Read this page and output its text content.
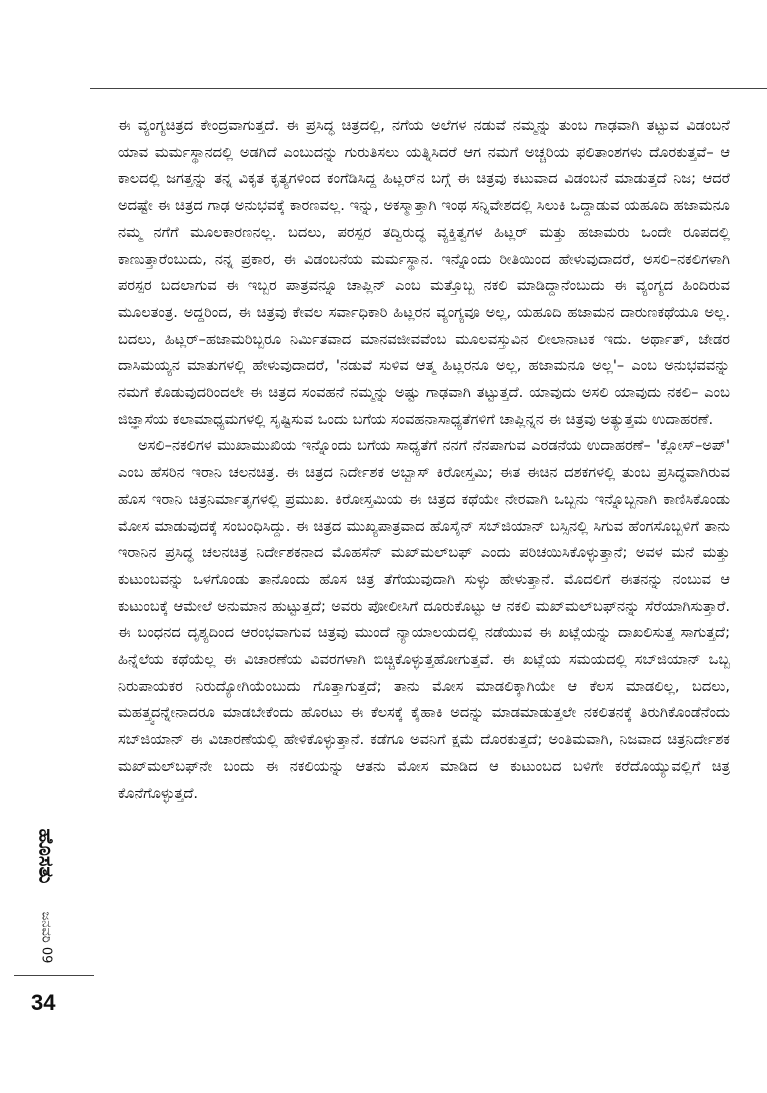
ಈ ವ್ಯಂಗ್ಯಚಿತ್ರದ ಕೇಂದ್ರವಾಗುತ್ತದೆ. ಈ ಪ್ರಸಿದ್ಧ ಚಿತ್ರದಲ್ಲಿ, ನಗೆಯ ಅಲೆಗಳ ನಡುವೆ ನಮ್ಮನ್ನು ತುಂಬ ಗಾಢವಾಗಿ ತಟ್ಟುವ ವಿಡಂಬನೆ ಯಾವ ಮರ್ಮಸ್ಥಾನದಲ್ಲಿ ಅಡಗಿದೆ ಎಂಬುದನ್ನು ಗುರುತಿಸಲು ಯತ್ನಿಸಿದರೆ ಆಗ ನಮಗೆ ಅಚ್ಚರಿಯ ಫಲಿತಾಂಶಗಳು ದೊರಕುತ್ತವೆ– ಆ ಕಾಲದಲ್ಲಿ ಜಗತ್ತನ್ನು ತನ್ನ ವಿಕೃತ ಕೃತ್ಯಗಳಿಂದ ಕಂಗೆಡಿಸಿದ್ದ ಹಿಟ್ಲರ್‌ನ ಬಗ್ಗೆ ಈ ಚಿತ್ರವು ಕಟುವಾದ ವಿಡಂಬನೆ ಮಾಡುತ್ತದೆ ನಿಜ; ಆದರೆ ಅದಷ್ಟೇ ಈ ಚಿತ್ರದ ಗಾಢ ಅನುಭವಕ್ಕೆ ಕಾರಣವಲ್ಲ. ಇನ್ನು, ಅಕಸ್ಮಾತ್ತಾಗಿ ಇಂಥ ಸನ್ನಿವೇಶದಲ್ಲಿ ಸಿಲುಕಿ ಒದ್ದಾಡುವ ಯಹೂದಿ ಹಜಾಮನೂ ನಮ್ಮ ನಗೆಗೆ ಮೂಲಕಾರಣನಲ್ಲ. ಬದಲು, ಪರಸ್ಪರ ತದ್ವಿರುದ್ಧ ವ್ಯಕ್ತಿತ್ವಗಳ ಹಿಟ್ಲರ್ ಮತ್ತು ಹಜಾಮರು ಒಂದೇ ರೂಪದಲ್ಲಿ ಕಾಣುತ್ತಾರೆಂಬುದು, ನನ್ನ ಪ್ರಕಾರ, ಈ ವಿಡಂಬನೆಯ ಮರ್ಮಸ್ಥಾನ. ಇನ್ನೊಂದು ರೀತಿಯಿಂದ ಹೇಳುವುದಾದರೆ, ಅಸಲಿ–ನಕಲಿಗಳಾಗಿ ಪರಸ್ಪರ ಬದಲಾಗುವ ಈ ಇಬ್ಬರ ಪಾತ್ರವನ್ನೂ ಚಾಪ್ಲಿನ್ ಎಂಬ ಮತ್ತೊಬ್ಬ ನಕಲಿ ಮಾಡಿದ್ದಾನೆಂಬುದು ಈ ವ್ಯಂಗ್ಯದ ಹಿಂದಿರುವ ಮೂಲತಂತ್ರ. ಅದ್ದರಿಂದ, ಈ ಚಿತ್ರವು ಕೇವಲ ಸರ್ವಾಧಿಕಾರಿ ಹಿಟ್ಲರನ ವ್ಯಂಗ್ಯವೂ ಅಲ್ಲ, ಯಹೂದಿ ಹಜಾಮನ ದಾರುಣಕಥೆಯೂ ಅಲ್ಲ. ಬದಲು, ಹಿಟ್ಲರ್–ಹಜಾಮರಿಬ್ಬರೂ ನಿರ್ಮಿತವಾದ ಮಾನವಜೀವವೆಂಬ ಮೂಲವಸ್ತುವಿನ ಲೀಲಾನಾಟಕ ಇದು. ಅರ್ಥಾತ್, ಜೇಡರ ದಾಸಿಮಯ್ಯನ ಮಾತುಗಳಲ್ಲಿ ಹೇಳುವುದಾದರೆ, 'ನಡುವೆ ಸುಳಿವ ಆತ್ಮ ಹಿಟ್ಲರನೂ ಅಲ್ಲ, ಹಜಾಮನೂ ಅಲ್ಲ'– ಎಂಬ ಅನುಭವವನ್ನು ನಮಗೆ ಕೊಡುವುದರಿಂದಲೇ ಈ ಚಿತ್ರದ ಸಂವಹನೆ ನಮ್ಮನ್ನು ಅಷ್ಟು ಗಾಢವಾಗಿ ತಟ್ಟುತ್ತದೆ. ಯಾವುದು ಅಸಲಿ ಯಾವುದು ನಕಲಿ– ಎಂಬ ಜಿಜ್ಞಾಸೆಯ ಕಲಾಮಾಧ್ಯಮಗಳಲ್ಲಿ ಸೃಷ್ಟಿಸುವ ಒಂದು ಬಗೆಯ ಸಂವಹನಾಸಾಧ್ಯತೆಗಳಿಗೆ ಚಾಪ್ಲಿನ್ನನ ಈ ಚಿತ್ರವು ಅತ್ಯುತ್ತಮ ಉದಾಹರಣೆ.

ಅಸಲಿ–ನಕಲಿಗಳ ಮುಖಾಮುಖಿಯ ಇನ್ನೊಂದು ಬಗೆಯ ಸಾಧ್ಯತೆಗೆ ನನಗೆ ನೆನಪಾಗುವ ಎರಡನೆಯ ಉದಾಹರಣೆ– 'ಕ್ಲೋಸ್–ಅಪ್' ಎಂಬ ಹೆಸರಿನ ಇರಾನಿ ಚಲನಚಿತ್ರ. ಈ ಚಿತ್ರದ ನಿರ್ದೇಶಕ ಅಬ್ಬಾಸ್ ಕಿರೋಸ್ತಮಿ; ಈತ ಈಚಿನ ದಶಕಗಳಲ್ಲಿ ತುಂಬ ಪ್ರಸಿದ್ಧವಾಗಿರುವ ಹೊಸ ಇರಾನಿ ಚಿತ್ರನಿರ್ಮಾತೃಗಳಲ್ಲಿ ಪ್ರಮುಖ. ಕಿರೋಸ್ತಮಿಯ ಈ ಚಿತ್ರದ ಕಥೆಯೇ ನೇರವಾಗಿ ಒಬ್ಬನು ಇನ್ನೊಬ್ಬನಾಗಿ ಕಾಣಿಸಿಕೊಂಡು ಮೋಸ ಮಾಡುವುದಕ್ಕೆ ಸಂಬಂಧಿಸಿದ್ದು. ಈ ಚಿತ್ರದ ಮುಖ್ಯಪಾತ್ರವಾದ ಹೊಸೈನ್ ಸಬ್‌ಜಿಯಾನ್ ಬಸ್ಸಿನಲ್ಲಿ ಸಿಗುವ ಹೆಂಗಸೊಬ್ಬಳಿಗೆ ತಾನು ಇರಾನಿನ ಪ್ರಸಿದ್ಧ ಚಲನಚಿತ್ರ ನಿರ್ದೇಶಕನಾದ ಮೊಹಸೆನ್ ಮಖ್‌ಮಲ್‌ಬಫ್ ಎಂದು ಪರಿಚಯಿಸಿಕೊಳ್ಳುತ್ತಾನೆ; ಅವಳ ಮನೆ ಮತ್ತು ಕುಟುಂಬವನ್ನು ಒಳಗೊಂಡು ತಾನೊಂದು ಹೊಸ ಚಿತ್ರ ತೆಗೆಯುವುದಾಗಿ ಸುಳ್ಳು ಹೇಳುತ್ತಾನೆ. ಮೊದಲಿಗೆ ಈತನನ್ನು ನಂಬುವ ಆ ಕುಟುಂಬಕ್ಕೆ ಆಮೇಲೆ ಅನುಮಾನ ಹುಟ್ಟುತ್ತದೆ; ಅವರು ಪೋಲೀಸಿಗೆ ದೂರುಕೊಟ್ಟು ಆ ನಕಲಿ ಮಖ್‌ಮಲ್‌ಬಫ್‌ನನ್ನು ಸೆರೆಯಾಗಿಸುತ್ತಾರೆ. ಈ ಬಂಧನದ ದೃಶ್ಯದಿಂದ ಆರಂಭವಾಗುವ ಚಿತ್ರವು ಮುಂದೆ ನ್ಯಾಯಾಲಯದಲ್ಲಿ ನಡೆಯುವ ಈ ಖಟ್ಲೆಯನ್ನು ದಾಖಲಿಸುತ್ತ ಸಾಗುತ್ತದೆ; ಹಿನ್ನೆಲೆಯ ಕಥೆಯೆಲ್ಲ ಈ ವಿಚಾರಣೆಯ ವಿವರಗಳಾಗಿ ಬಿಚ್ಚಿಕೊಳ್ಳುತ್ತಹೋಗುತ್ತವೆ. ಈ ಖಟ್ಲೆಯ ಸಮಯದಲ್ಲಿ ಸಬ್‌ಜಿಯಾನ್ ಒಬ್ಬ ನಿರುಪಾಯಕರ ನಿರುದ್ಯೋಗಿಯೆಂಬುದು ಗೊತ್ತಾಗುತ್ತದೆ; ತಾನು ಮೋಸ ಮಾಡಲಿಕ್ಕಾಗಿಯೇ ಆ ಕೆಲಸ ಮಾಡಲಿಲ್ಲ, ಬದಲು, ಮಹತ್ತ್ವದನ್ನೇನಾದರೂ ಮಾಡಬೇಕೆಂದು ಹೊರಟು ಈ ಕೆಲಸಕ್ಕೆ ಕೈಹಾಕಿ ಅದನ್ನು ಮಾಡಮಾಡುತ್ತಲೇ ನಕಲಿತನಕ್ಕೆ ತಿರುಗಿಕೊಂಡೆನೆಂದು ಸಬ್‌ಜಿಯಾನ್ ಈ ವಿಚಾರಣೆಯಲ್ಲಿ ಹೇಳಿಕೊಳ್ಳುತ್ತಾನೆ. ಕಡೆಗೂ ಅವನಿಗೆ ಕ್ಷಮೆ ದೊರಕುತ್ತದೆ; ಅಂತಿಮವಾಗಿ, ನಿಜವಾದ ಚಿತ್ರನಿರ್ದೇಶಕ ಮಖ್‌ಮಲ್‌ಬಫ್‌ನೇ ಬಂದು ಈ ನಕಲಿಯನ್ನು ಆತನು ಮೋಸ ಮಾಡಿದ ಆ ಕುಟುಂಬದ ಬಳಿಗೇ ಕರೆದೊಯ್ಯುವಲ್ಲಿಗೆ ಚಿತ್ರ ಕೊನೆಗೊಳ್ಳುತ್ತದೆ.

ಹೊಸತು
ಜನವರಿ 09
34
